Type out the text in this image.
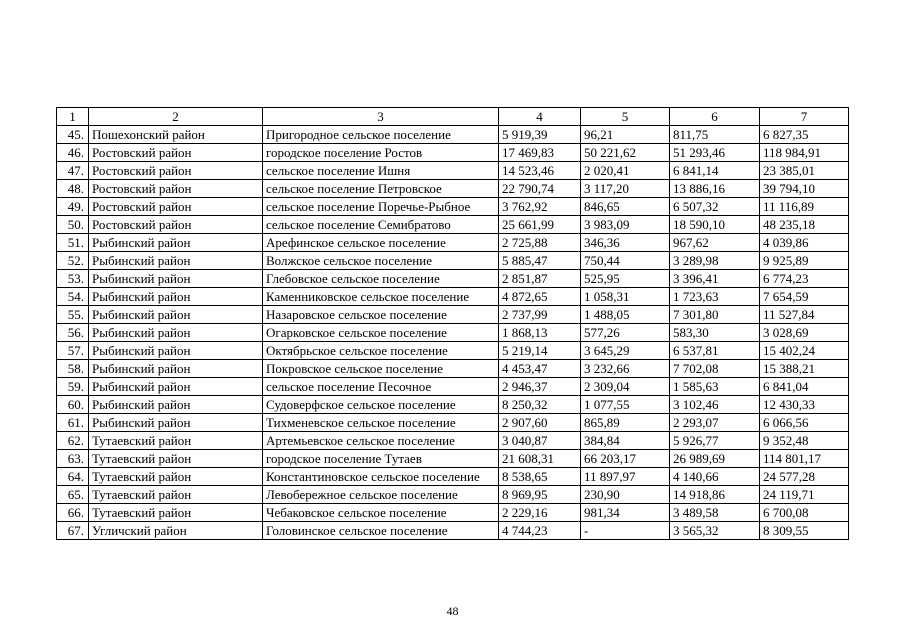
1	2	3	4	5	6	7
45.	Пошехонский район	Пригородное сельское поселение	5 919,39	96,21	811,75	6 827,35
46.	Ростовский район	городское поселение Ростов	17 469,83	50 221,62	51 293,46	118 984,91
47.	Ростовский район	сельское поселение Ишня	14 523,46	2 020,41	6 841,14	23 385,01
48.	Ростовский район	сельское поселение Петровское	22 790,74	3 117,20	13 886,16	39 794,10
49.	Ростовский район	сельское поселение Поречье-Рыбное	3 762,92	846,65	6 507,32	11 116,89
50.	Ростовский район	сельское поселение Семибратово	25 661,99	3 983,09	18 590,10	48 235,18
51.	Рыбинский район	Арефинское сельское поселение	2 725,88	346,36	967,62	4 039,86
52.	Рыбинский район	Волжское сельское поселение	5 885,47	750,44	3 289,98	9 925,89
53.	Рыбинский район	Глебовское сельское поселение	2 851,87	525,95	3 396,41	6 774,23
54.	Рыбинский район	Каменниковское сельское поселение	4 872,65	1 058,31	1 723,63	7 654,59
55.	Рыбинский район	Назаровское сельское поселение	2 737,99	1 488,05	7 301,80	11 527,84
56.	Рыбинский район	Огарковское сельское поселение	1 868,13	577,26	583,30	3 028,69
57.	Рыбинский район	Октябрьское сельское поселение	5 219,14	3 645,29	6 537,81	15 402,24
58.	Рыбинский район	Покровское сельское поселение	4 453,47	3 232,66	7 702,08	15 388,21
59.	Рыбинский район	сельское поселение Песочное	2 946,37	2 309,04	1 585,63	6 841,04
60.	Рыбинский район	Судоверфское сельское поселение	8 250,32	1 077,55	3 102,46	12 430,33
61.	Рыбинский район	Тихменевское сельское поселение	2 907,60	865,89	2 293,07	6 066,56
62.	Тутаевский район	Артемьевское сельское поселение	3 040,87	384,84	5 926,77	9 352,48
63.	Тутаевский район	городское поселение Тутаев	21 608,31	66 203,17	26 989,69	114 801,17
64.	Тутаевский район	Константиновское сельское поселение	8 538,65	11 897,97	4 140,66	24 577,28
65.	Тутаевский район	Левобережное сельское поселение	8 969,95	230,90	14 918,86	24 119,71
66.	Тутаевский район	Чебаковское сельское поселение	2 229,16	981,34	3 489,58	6 700,08
67.	Угличский район	Головинское сельское поселение	4 744,23	-	3 565,32	8 309,55
48
